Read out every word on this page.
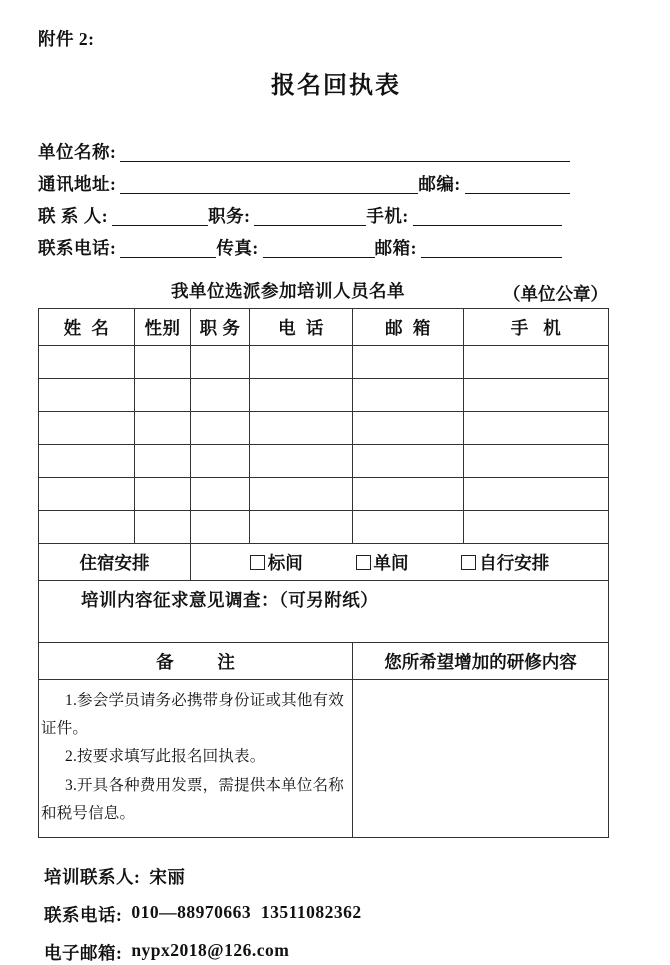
附件 2:
报名回执表
单位名称:
通讯地址:	邮编:
联 系 人:	职务:	手机:
联系电话:	传真:	邮箱:
我单位选派参加培训人员名单	（单位公章）
姓  名	性别	职 务	电  话	邮  箱	手   机

住宿安排		标间 单间 自行安排			

培训内容征求意见调查：（可另附纸）					
备          注				您所希望增加的研修内容	

1.参会学员请务必携带身份证或其他有效证件。

2.按要求填写此报名回执表。

3.开具各种费用发票，需提供本单位名称和税号信息。					

培训联系人: 宋丽
联系电话: 010—88970663  13511082362
电子邮箱: nypx2018@126.com
